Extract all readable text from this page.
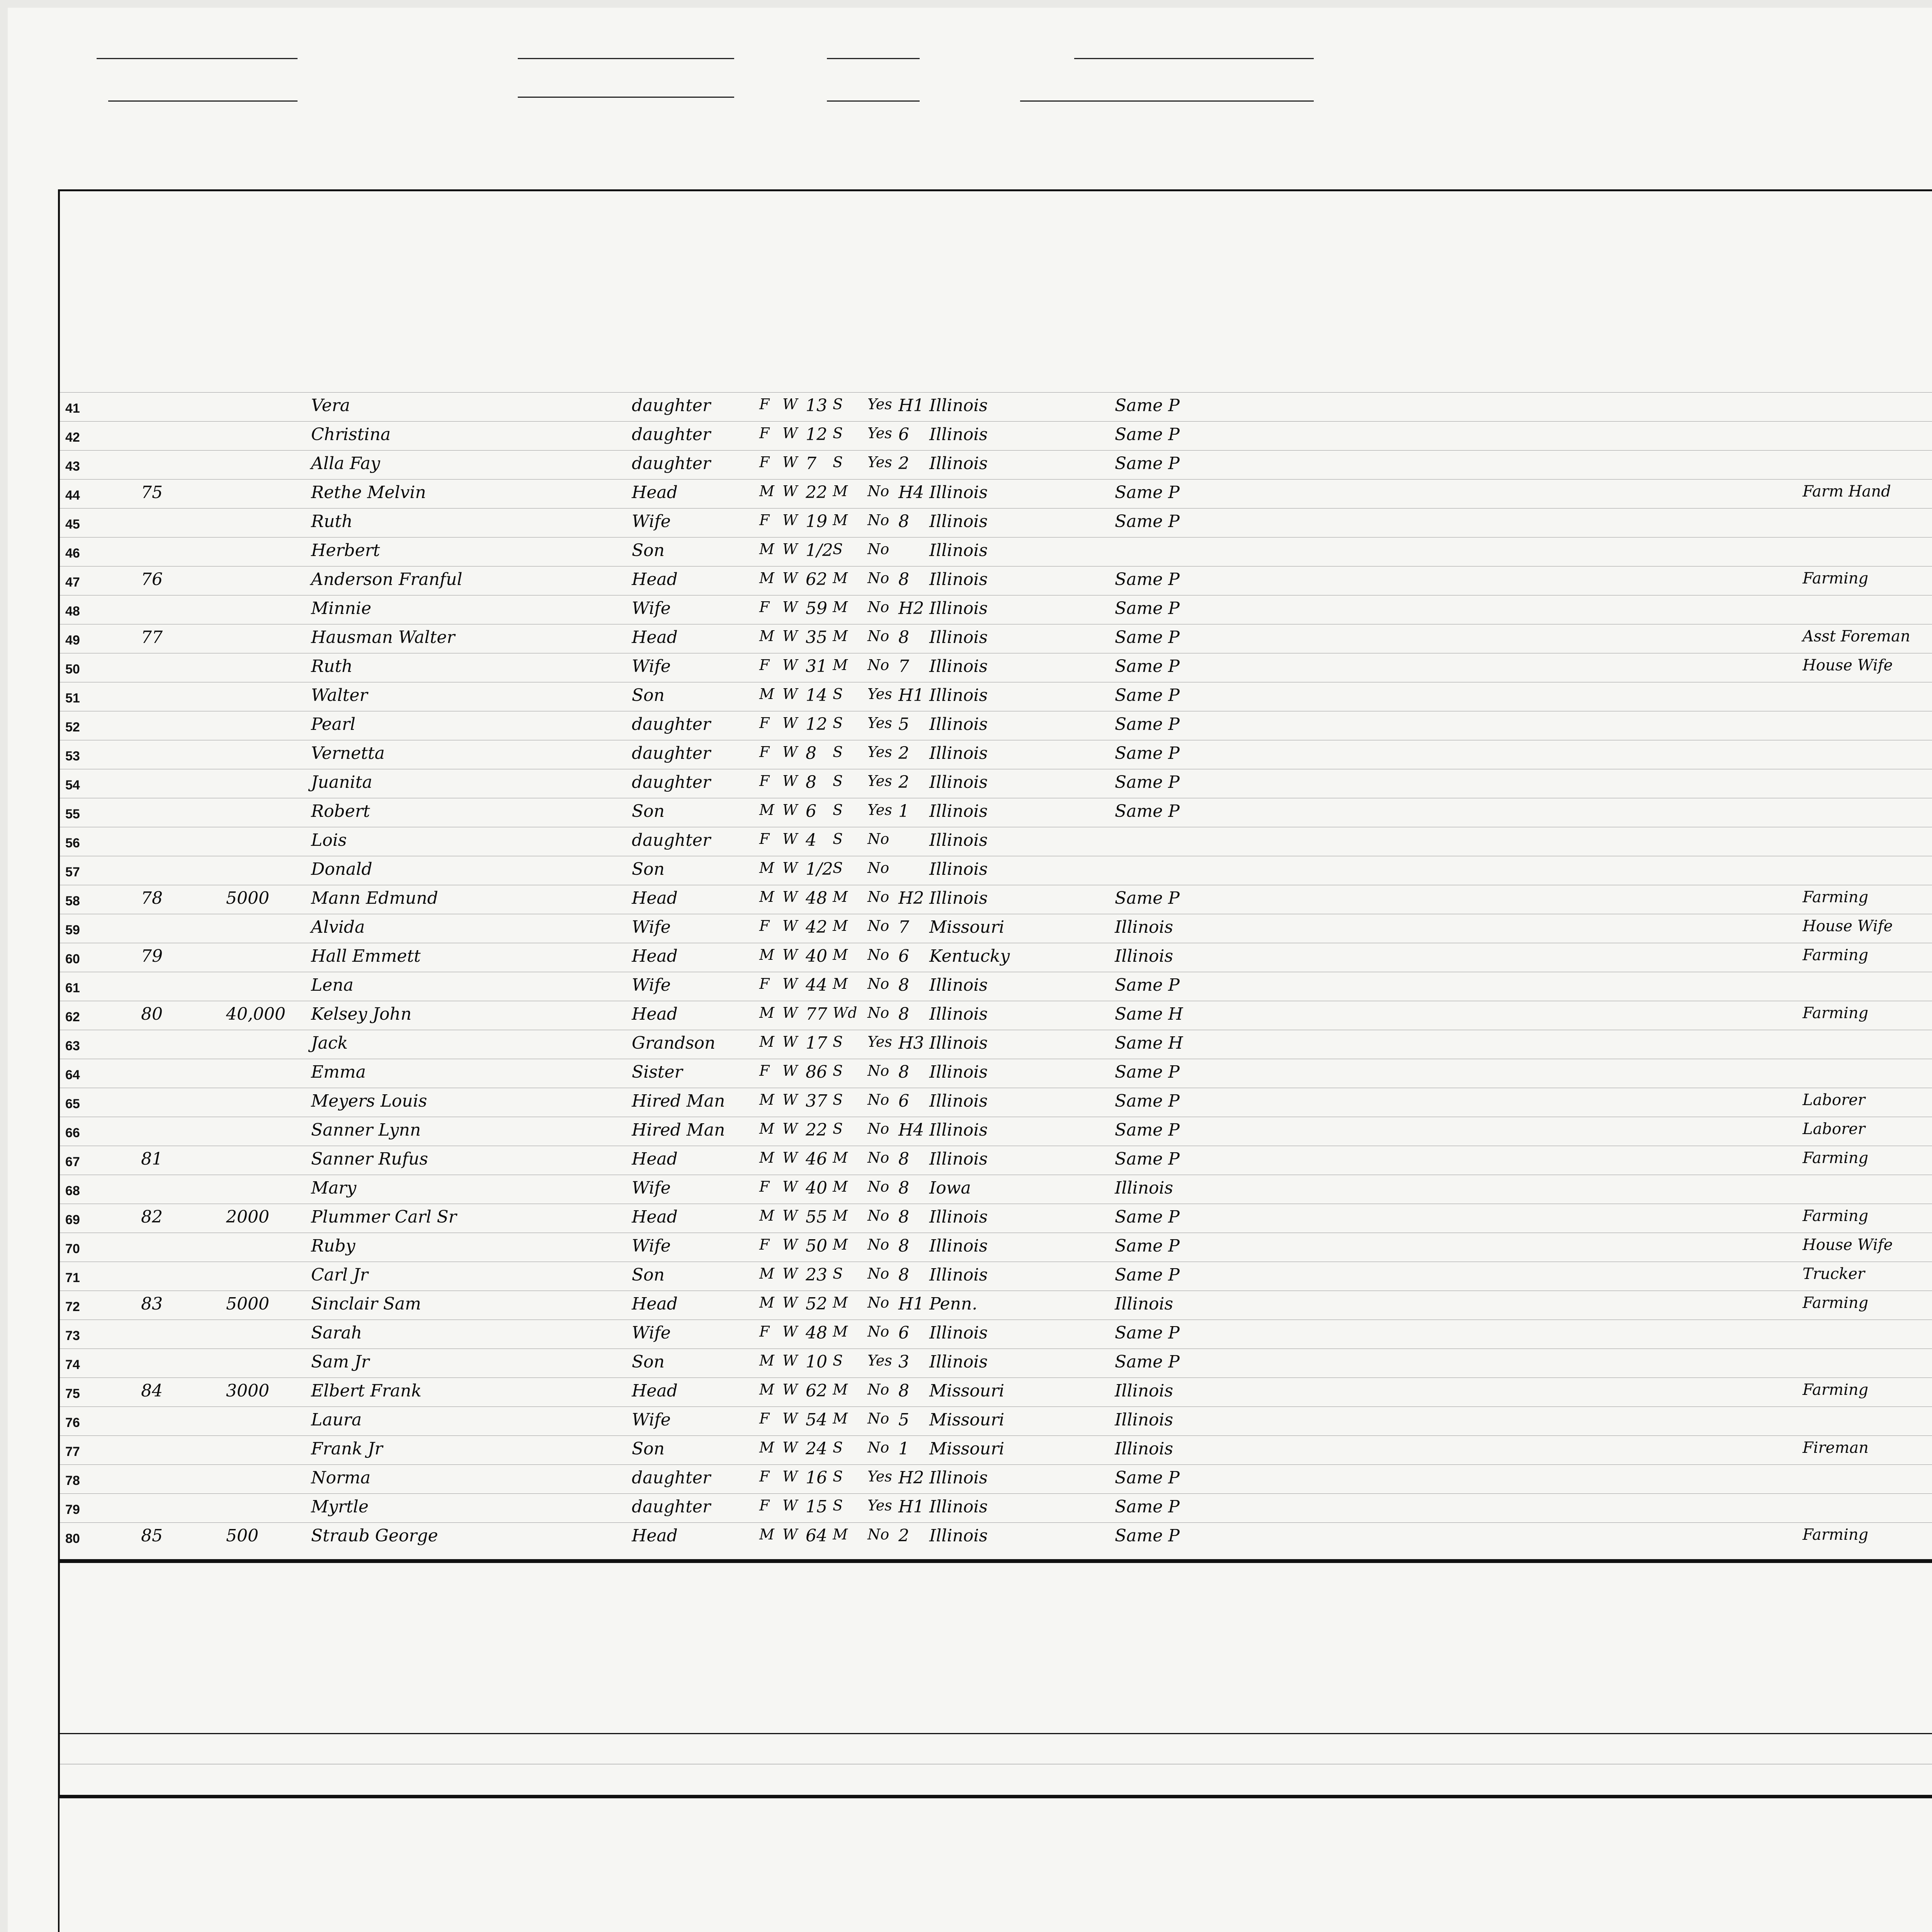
41	Vera	daughter	F W 13 S Yes H1 Illinois	Same P
42	Christina	daughter	F W 12 S Yes 6 Illinois	Same P
43	Alla Fay	daughter	F W 7 S Yes 2 Illinois	Same P
44	75	Rethe Melvin	Head	M W 22 M No H4 Illinois	Same P	Farm Hand
45	Ruth	Wife	F W 19 M No 8 Illinois	Same P
46	Herbert	Son	M W 1/2 S No Illinois
47	76	Anderson Franful	Head	M W 62 M No 8 Illinois	Same P	Farming
48	Minnie	Wife	F W 59 M No H2 Illinois	Same P
49	77	Hausman Walter	Head	M W 35 M No 8 Illinois	Same P	Asst Foreman
50	Ruth	Wife	F W 31 M No 7 Illinois	Same P	House Wife
51	Walter	Son	M W 14 S Yes H1 Illinois	Same P
52	Pearl	daughter	F W 12 S Yes 5 Illinois	Same P
53	Vernetta	daughter	F W 8 S Yes 2 Illinois	Same P
54	Juanita	daughter	F W 8 S Yes 2 Illinois	Same P
55	Robert	Son	M W 6 S Yes 1 Illinois	Same P
56	Lois	daughter	F W 4 S No Illinois
57	Donald	Son	M W 1/2 S No Illinois
58	78	5000 Mann Edmund	Head	M W 48 M No H2 Illinois	Same P	Farming
59	Alvida	Wife	F W 42 M No 7 Missouri	Illinois	House Wife
60	79	Hall Emmett	Head	M W 40 M No 6 Kentucky	Illinois	Farming
61	Lena	Wife	F W 44 M No 8 Illinois	Same P
62	80	40,000 Kelsey John	Head	M W 77 Wd No 8 Illinois	Same H	Farming
63	Jack	Grandson	M W 17 S Yes H3 Illinois	Same H
64	Emma	Sister	F W 86 S No 8 Illinois	Same P
65	Meyers Louis	Hired Man M W 37 S No 6 Illinois	Same P	Laborer
66	Sanner Lynn	Hired Man M W 22 S No H4 Illinois	Same P	Laborer
67	81	Sanner Rufus	Head	M W 46 M No 8 Illinois	Same P	Farming
68	Mary	Wife	F W 40 M No 8 Iowa	Illinois
69	82	2000 Plummer Carl Sr	Head	M W 55 M No 8 Illinois	Same P	Farming
70	Ruby	Wife	F W 50 M No 8 Illinois	Same P	House Wife
71	Carl Jr	Son	M W 23 S No 8 Illinois	Same P	Trucker
72	83	5000 Sinclair Sam	Head	M W 52 M No H1 Penn.	Illinois	Farming
73	Sarah	Wife	F W 48 M No 6 Illinois	Same P
74	Sam Jr	Son	M W 10 S Yes 3 Illinois	Same P
75	84	3000 Elbert Frank	Head	M W 62 M No 8 Missouri	Illinois	Farming
76	Laura	Wife	F W 54 M No 5 Missouri	Illinois
77	Frank Jr	Son	M W 24 S No 1 Missouri	Illinois	Fireman
78	Norma	daughter	F W 16 S Yes H2 Illinois	Same P
79	Myrtle	daughter	F W 15 S Yes H1 Illinois	Same P
80	85	500	Straub George	Head	M W 64 M No 2 Illinois	Same P	Farming
